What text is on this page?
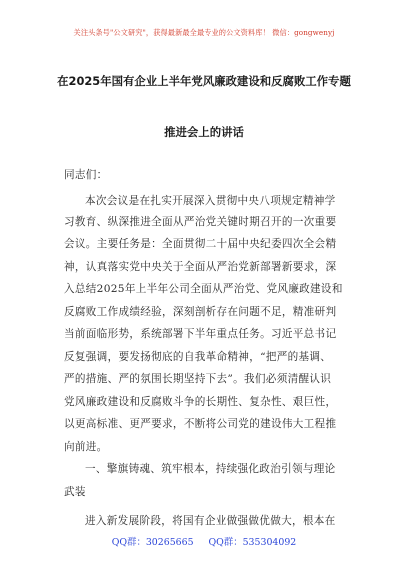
关注头条号"公文研究"，获得最新最全最专业的公文资料库！ 微信：gongwenyj
在2025年国有企业上半年党风廉政建设和反腐败工作专题
推进会上的讲话
同志们：
本次会议是在扎实开展深入贯彻中央八项规定精神学
习教育、纵深推进全面从严治党关键时期召开的一次重要
会议。主要任务是：全面贯彻二十届中央纪委四次全会精
神，认真落实党中央关于全面从严治党新部署新要求，深
入总结2025年上半年公司全面从严治党、党风廉政建设和
反腐败工作成绩经验，深刻剖析存在问题不足，精准研判
当前面临形势，系统部署下半年重点任务。习近平总书记
反复强调，要发扬彻底的自我革命精神，“把严的基调、
严的措施、严的氛围长期坚持下去”。我们必须清醒认识
党风廉政建设和反腐败斗争的长期性、复杂性、艰巨性，
以更高标准、更严要求，不断将公司党的建设伟大工程推
向前进。
一、擎旗铸魂、筑牢根本，持续强化政治引领与理论
武装
进入新发展阶段，将国有企业做强做优做大，根本在
QQ群：30265665     QQ群：535304092
